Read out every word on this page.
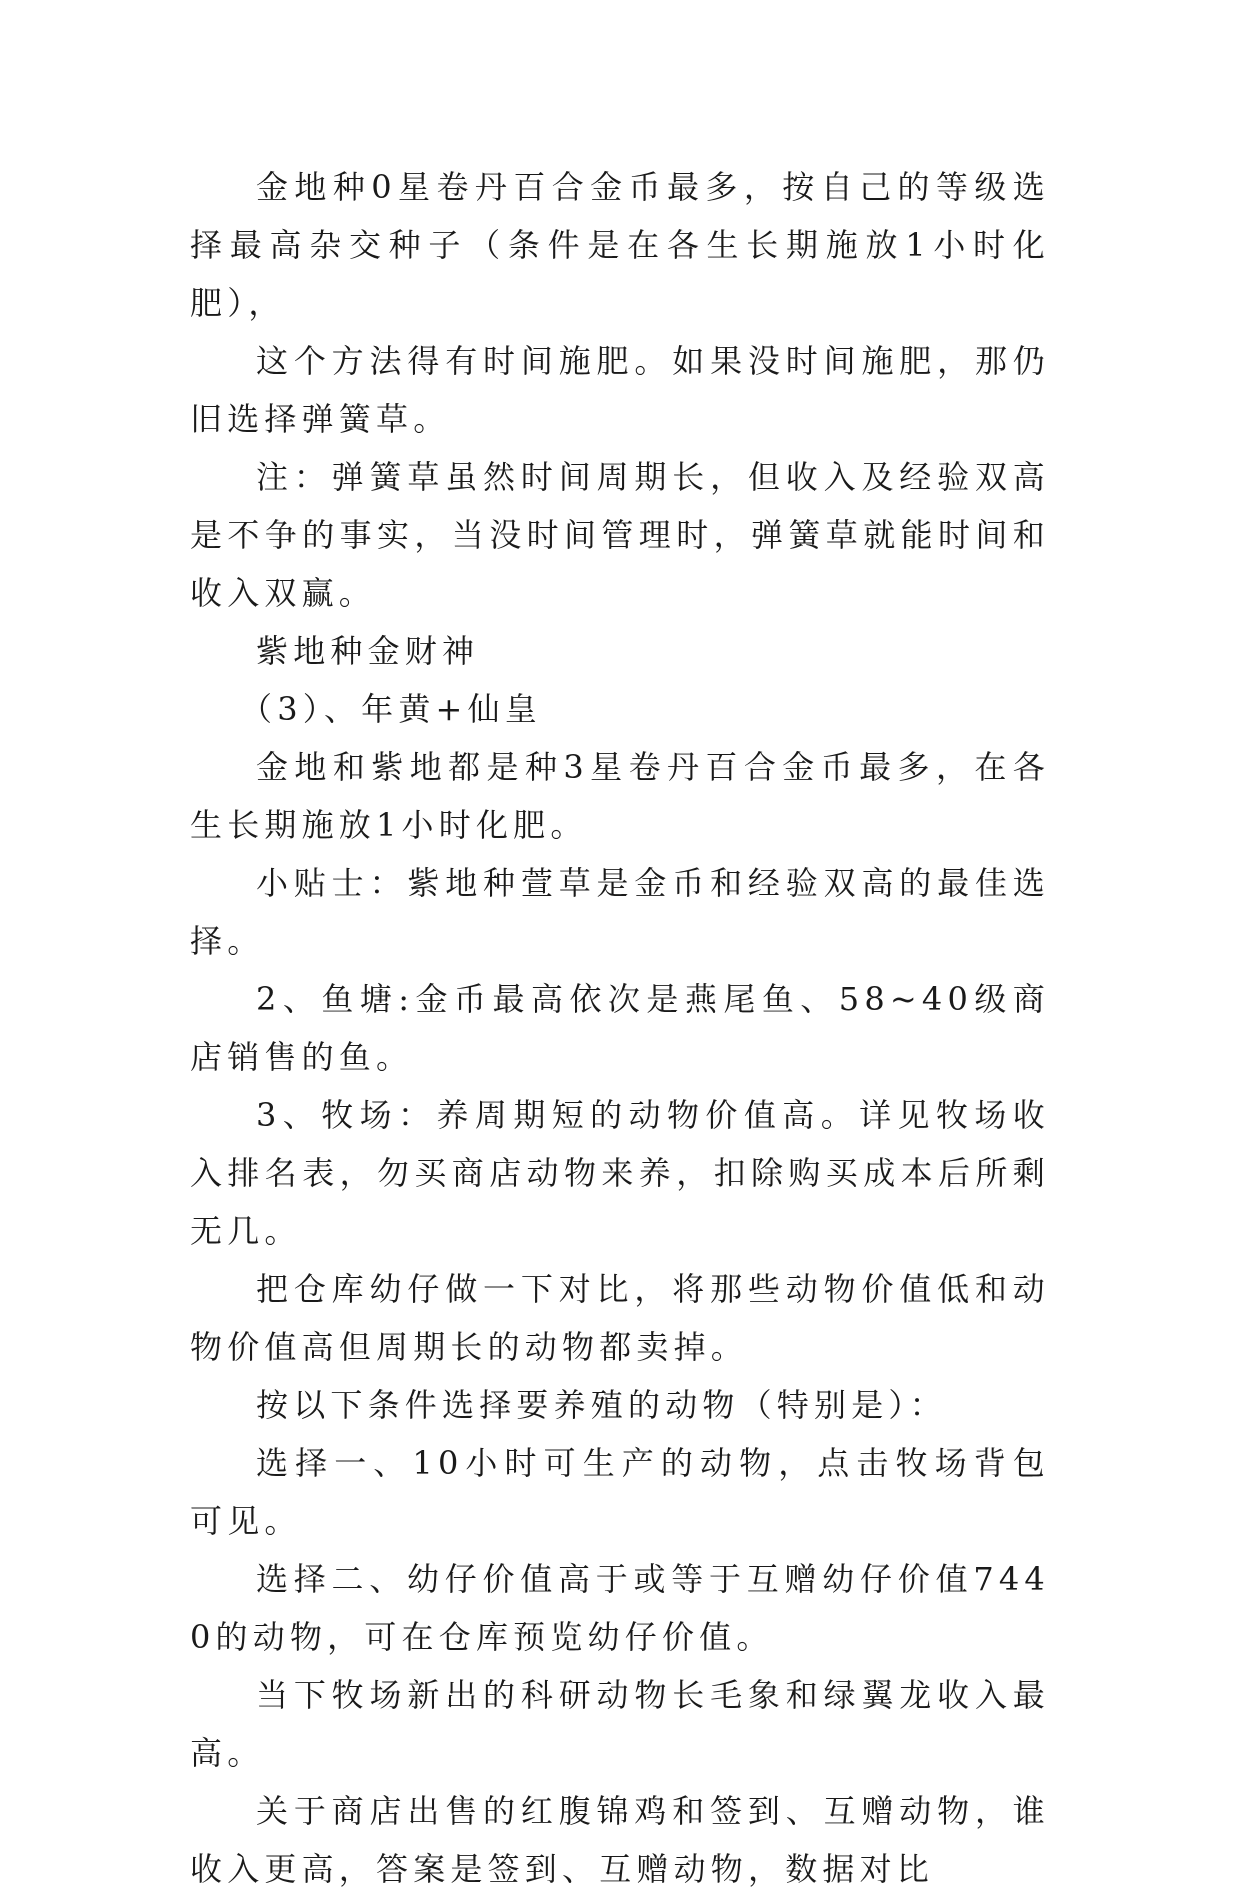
金地种0星卷丹百合金币最多，按自己的等级选择最高杂交种子（条件是在各生长期施放1小时化肥），

这个方法得有时间施肥。如果没时间施肥，那仍旧选择弹簧草。

注：弹簧草虽然时间周期长，但收入及经验双高是不争的事实，当没时间管理时，弹簧草就能时间和收入双赢。

紫地种金财神

（3）、年黄+仙皇

金地和紫地都是种3星卷丹百合金币最多，在各生长期施放1小时化肥。

小贴士：紫地种萱草是金币和经验双高的最佳选择。

2、鱼塘:金币最高依次是燕尾鱼、58~40级商店销售的鱼。

3、牧场：养周期短的动物价值高。详见牧场收入排名表，勿买商店动物来养，扣除购买成本后所剩无几。

把仓库幼仔做一下对比，将那些动物价值低和动物价值高但周期长的动物都卖掉。

按以下条件选择要养殖的动物（特别是）：

选择一、10小时可生产的动物，点击牧场背包可见。

选择二、幼仔价值高于或等于互赠幼仔价值7440的动物，可在仓库预览幼仔价值。

当下牧场新出的科研动物长毛象和绿翼龙收入最高。

关于商店出售的红腹锦鸡和签到、互赠动物，谁收入更高，答案是签到、互赠动物，数据对比
